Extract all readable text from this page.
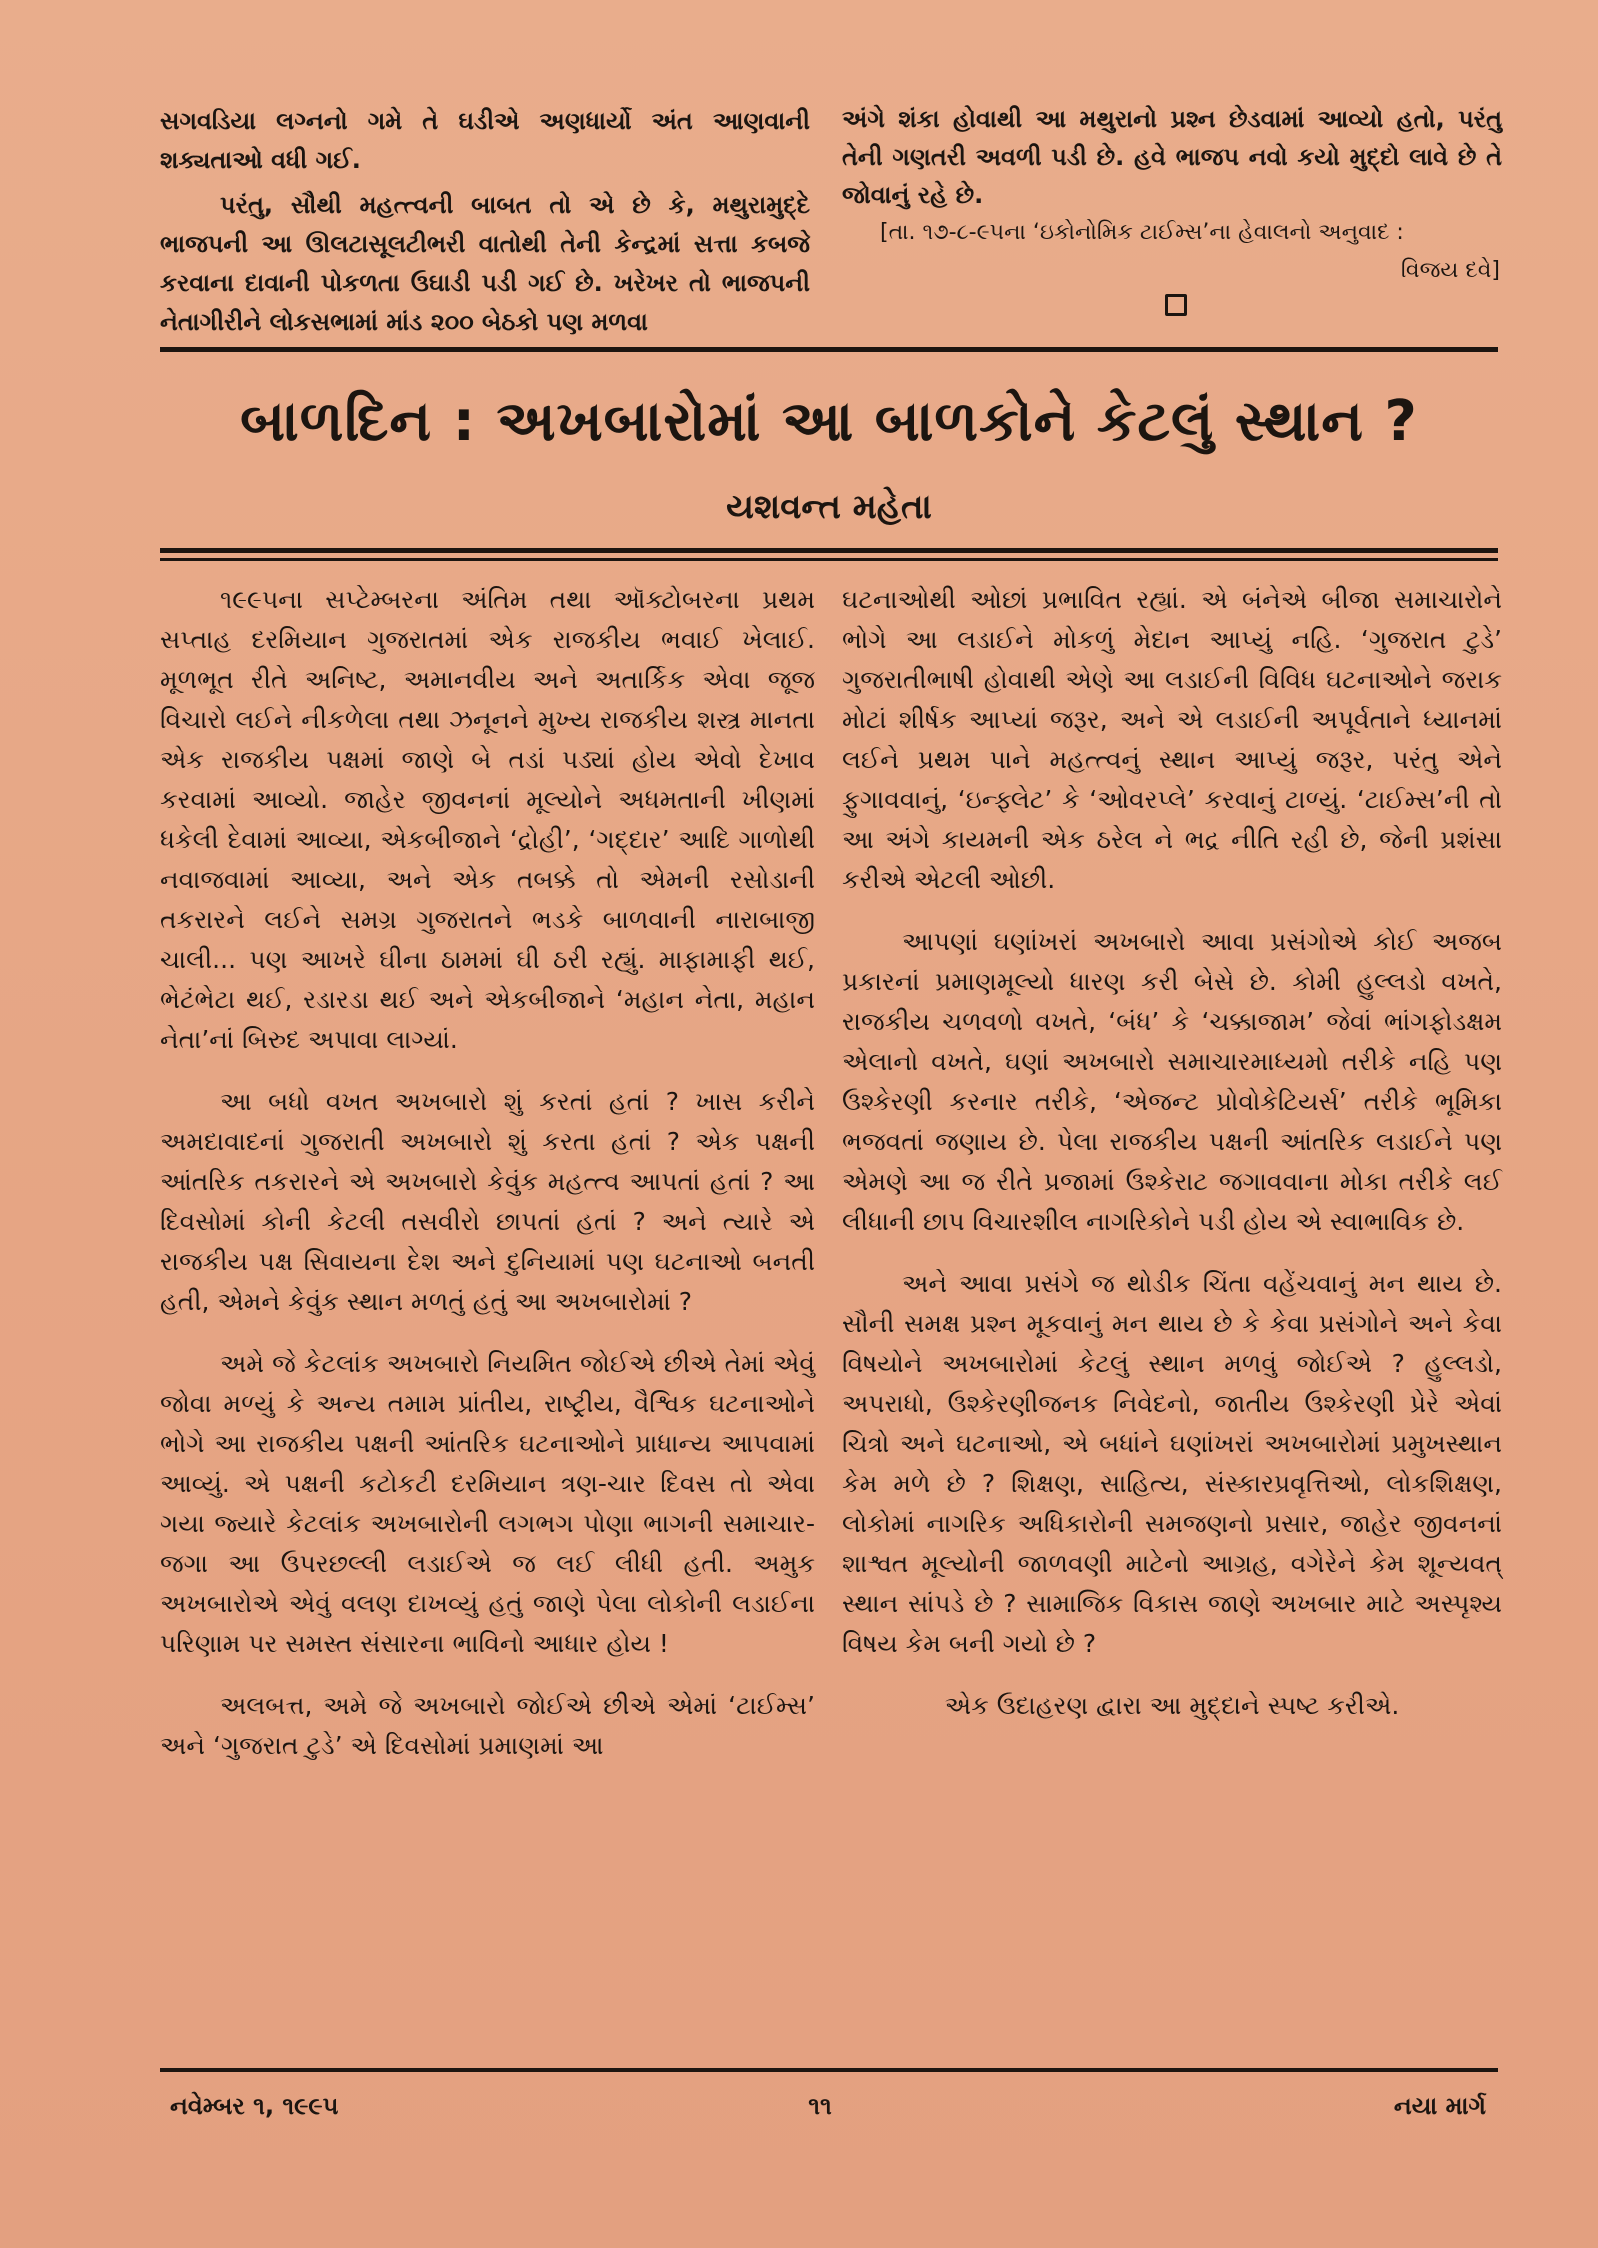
સગવડિયા લગ્નનો ગમે તે ઘડીએ અણધાર્યો અંત આણવાની શક્યતાઓ વધી ગઈ.

પરંતુ, સૌથી મહત્ત્વની બાબત તો એ છે કે, મથુરામુદ્દે ભાજપની આ ઊલટાસૂલટીભરી વાતોથી તેની કેન્દ્રમાં સત્તા કબજે કરવાના દાવાની પોકળતા ઉઘાડી પડી ગઈ છે. ખરેખર તો ભાજપની નેતાગીરીને લોકસભામાં માંડ ૨૦૦ બેઠકો પણ મળવા

અંગે શંકા હોવાથી આ મથુરાનો પ્રશ્ન છેડવામાં આવ્યો હતો, પરંતુ તેની ગણતરી અવળી પડી છે. હવે ભાજપ નવો કયો મુદ્દો લાવે છે તે જોવાનું રહે છે.

[તા. ૧૭-૮-૯૫ના ‘ઇકોનોમિક ટાઈમ્સ’ના હેવાલનો અનુવાદ :
વિજય દવે]
બાળદિન : અખબારોમાં આ બાળકોને કેટલું સ્થાન ?
યશવન્ત મહેતા

૧૯૯૫ના સપ્ટેમ્બરના અંતિમ તથા ઑક્ટોબરના પ્રથમ સપ્તાહ દરમિયાન ગુજરાતમાં એક રાજકીય ભવાઈ ખેલાઈ. મૂળભૂત રીતે અનિષ્ટ, અમાનવીય અને અતાર્કિક એવા જૂજ વિચારો લઈને નીકળેલા તથા ઝનૂનને મુખ્ય રાજકીય શસ્ત્ર માનતા એક રાજકીય પક્ષમાં જાણે બે તડાં પડ્યાં હોય એવો દેખાવ કરવામાં આવ્યો. જાહેર જીવનનાં મૂલ્યોને અધમતાની ખીણમાં ધકેલી દેવામાં આવ્યા, એકબીજાને ‘દ્રોહી’, ‘ગદ્દાર’ આદિ ગાળોથી નવાજવામાં આવ્યા, અને એક તબક્કે તો એમની રસોડાની તકરારને લઈને સમગ્ર ગુજરાતને ભડકે બાળવાની નારાબાજી ચાલી... પણ આખરે ઘીના ઠામમાં ઘી ઠરી રહ્યું. માફામાફી થઈ, ભેટંભેટા થઈ, રડારડા થઈ અને એકબીજાને ‘મહાન નેતા, મહાન નેતા’નાં બિરુદ અપાવા લાગ્યાં.

આ બધો વખત અખબારો શું કરતાં હતાં ? ખાસ કરીને અમદાવાદનાં ગુજરાતી અખબારો શું કરતા હતાં ? એક પક્ષની આંતરિક તકરારને એ અખબારો કેવુંક મહત્ત્વ આપતાં હતાં ? આ દિવસોમાં કોની કેટલી તસવીરો છાપતાં હતાં ? અને ત્યારે એ રાજકીય પક્ષ સિવાયના દેશ અને દુનિયામાં પણ ઘટનાઓ બનતી હતી, એમને કેવુંક સ્થાન મળતું હતું આ અખબારોમાં ?

અમે જે કેટલાંક અખબારો નિયમિત જોઈએ છીએ તેમાં એવું જોવા મળ્યું કે અન્ય તમામ પ્રાંતીય, રાષ્ટ્રીય, વૈશ્વિક ઘટનાઓને ભોગે આ રાજકીય પક્ષની આંતરિક ઘટનાઓને પ્રાધાન્ય આપવામાં આવ્યું. એ પક્ષની કટોકટી દરમિયાન ત્રણ-ચાર દિવસ તો એવા ગયા જ્યારે કેટલાંક અખબારોની લગભગ પોણા ભાગની સમાચાર-જગા આ ઉપરછલ્લી લડાઈએ જ લઈ લીધી હતી. અમુક અખબારોએ એવું વલણ દાખવ્યું હતું જાણે પેલા લોકોની લડાઈના પરિણામ પર સમસ્ત સંસારના ભાવિનો આધાર હોય !

અલબત્ત, અમે જે અખબારો જોઈએ છીએ એમાં ‘ટાઈમ્સ’ અને ‘ગુજરાત ટુડે’ એ દિવસોમાં પ્રમાણમાં આ

ઘટનાઓથી ઓછાં પ્રભાવિત રહ્યાં. એ બંનેએ બીજા સમાચારોને ભોગે આ લડાઈને મોકળું મેદાન આપ્યું નહિ. ‘ગુજરાત ટુડે’ ગુજરાતીભાષી હોવાથી એણે આ લડાઈની વિવિધ ઘટનાઓને જરાક મોટાં શીર્ષક આપ્યાં જરૂર, અને એ લડાઈની અપૂર્વતાને ધ્યાનમાં લઈને પ્રથમ પાને મહત્ત્વનું સ્થાન આપ્યું જરૂર, પરંતુ એને ફુગાવવાનું, ‘ઇન્ફ્લેટ’ કે ‘ઓવરપ્લે’ કરવાનું ટાળ્યું. ‘ટાઈમ્સ’ની તો આ અંગે કાયમની એક ઠરેલ ને ભદ્ર નીતિ રહી છે, જેની પ્રશંસા કરીએ એટલી ઓછી.

આપણાં ઘણાંખરાં અખબારો આવા પ્રસંગોએ કોઈ અજબ પ્રકારનાં પ્રમાણમૂલ્યો ધારણ કરી બેસે છે. કોમી હુલ્લડો વખતે, રાજકીય ચળવળો વખતે, ‘બંધ’ કે ‘ચક્કાજામ’ જેવાં ભાંગફોડક્ષમ એલાનો વખતે, ઘણાં અખબારો સમાચારમાધ્યમો તરીકે નહિ પણ ઉશ્કેરણી કરનાર તરીકે, ‘એજન્ટ પ્રોવોકેટિયર્સ’ તરીકે ભૂમિકા ભજવતાં જણાય છે. પેલા રાજકીય પક્ષની આંતરિક લડાઈને પણ એમણે આ જ રીતે પ્રજામાં ઉશ્કેરાટ જગાવવાના મોકા તરીકે લઈ લીધાની છાપ વિચારશીલ નાગરિકોને પડી હોય એ સ્વાભાવિક છે.

અને આવા પ્રસંગે જ થોડીક ચિંતા વહેંચવાનું મન થાય છે. સૌની સમક્ષ પ્રશ્ન મૂકવાનું મન થાય છે કે કેવા પ્રસંગોને અને કેવા વિષયોને અખબારોમાં કેટલું સ્થાન મળવું જોઈએ ? હુલ્લડો, અપરાધો, ઉશ્કેરણીજનક નિવેદનો, જાતીય ઉશ્કેરણી પ્રેરે એવાં ચિત્રો અને ઘટનાઓ, એ બધાંને ઘણાંખરાં અખબારોમાં પ્રમુખસ્થાન કેમ મળે છે ? શિક્ષણ, સાહિત્ય, સંસ્કારપ્રવૃત્તિઓ, લોકશિક્ષણ, લોકોમાં નાગરિક અધિકારોની સમજણનો પ્રસાર, જાહેર જીવનનાં શાશ્વત મૂલ્યોની જાળવણી માટેનો આગ્રહ, વગેરેને કેમ શૂન્યવત્ સ્થાન સાંપડે છે ? સામાજિક વિકાસ જાણે અખબાર માટે અસ્પૃશ્ય વિષય કેમ બની ગયો છે ?

એક ઉદાહરણ દ્વારા આ મુદ્દાને સ્પષ્ટ કરીએ.

નવેમ્બર ૧, ૧૯૯૫	૧૧	નયા માર્ગ
